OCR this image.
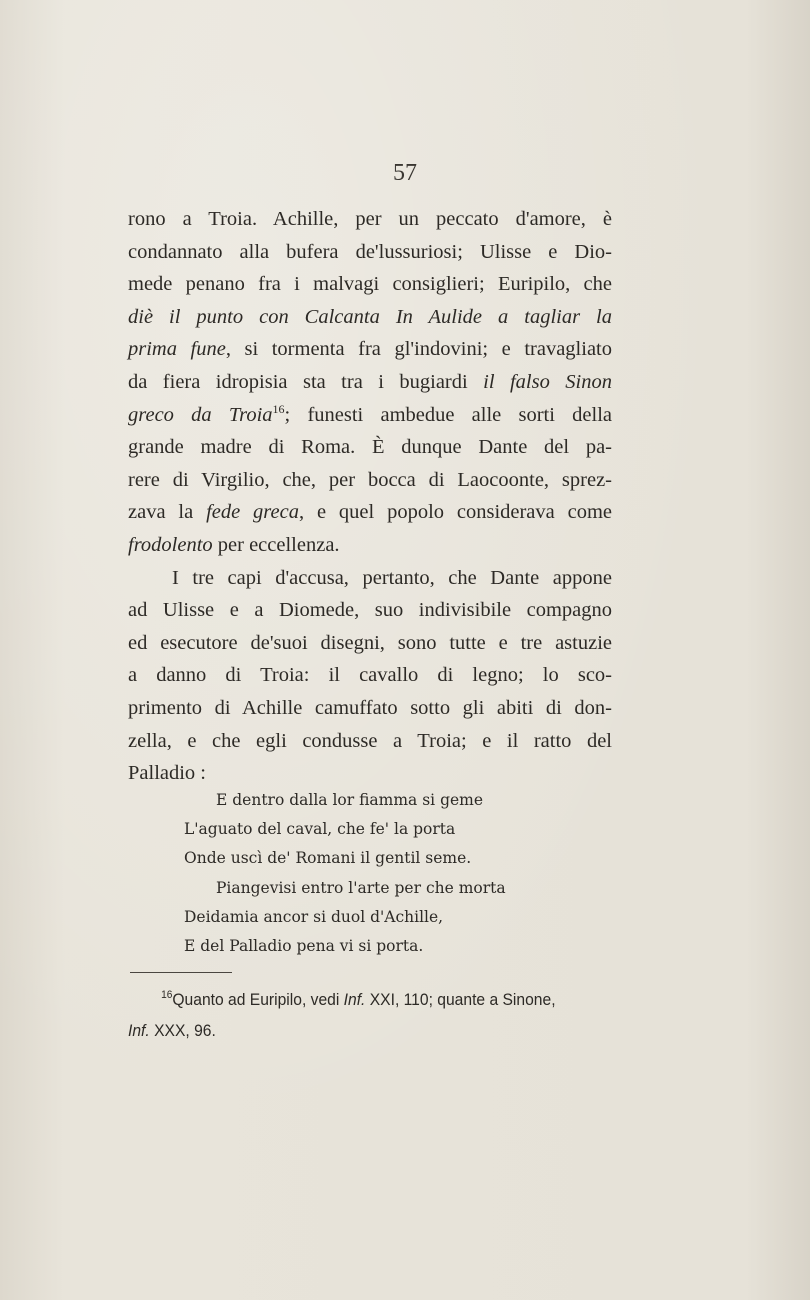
57
rono a Troia. Achille, per un peccato d'amore, è
condannato alla bufera de'lussuriosi; Ulisse e Dio-
mede penano fra i malvagi consiglieri; Euripilo, che
diè il punto con Calcanta In Aulide a tagliar la
prima fune, si tormenta fra gl'indovini; e travagliato
da fiera idropisia sta tra i bugiardi il falso Sinon
greco da Troia$^{16}$; funesti ambedue alle sorti della
grande madre di Roma. È dunque Dante del pa-
rere di Virgilio, che, per bocca di Laocoonte, sprez-
zava la fede greca, e quel popolo considerava come
frodolento per eccellenza.
I tre capi d'accusa, pertanto, che Dante appone
ad Ulisse e a Diomede, suo indivisibile compagno
ed esecutore de'suoi disegni, sono tutte e tre astuzie
a danno di Troia: il cavallo di legno; lo sco-
primento di Achille camuffato sotto gli abiti di don-
zella, e che egli condusse a Troia; e il ratto del
Palladio :
E dentro dalla lor fiamma si geme
L'aguato del caval, che fe' la porta
Onde uscì de' Romani il gentil seme.
Piangevisi entro l'arte per che morta
Deidamia ancor si duol d'Achille,
E del Palladio pena vi si porta.
$^{16}$Quanto ad Euripilo, vedi Inf. XXI, 110; quante a Sinone,
Inf. XXX, 96.
